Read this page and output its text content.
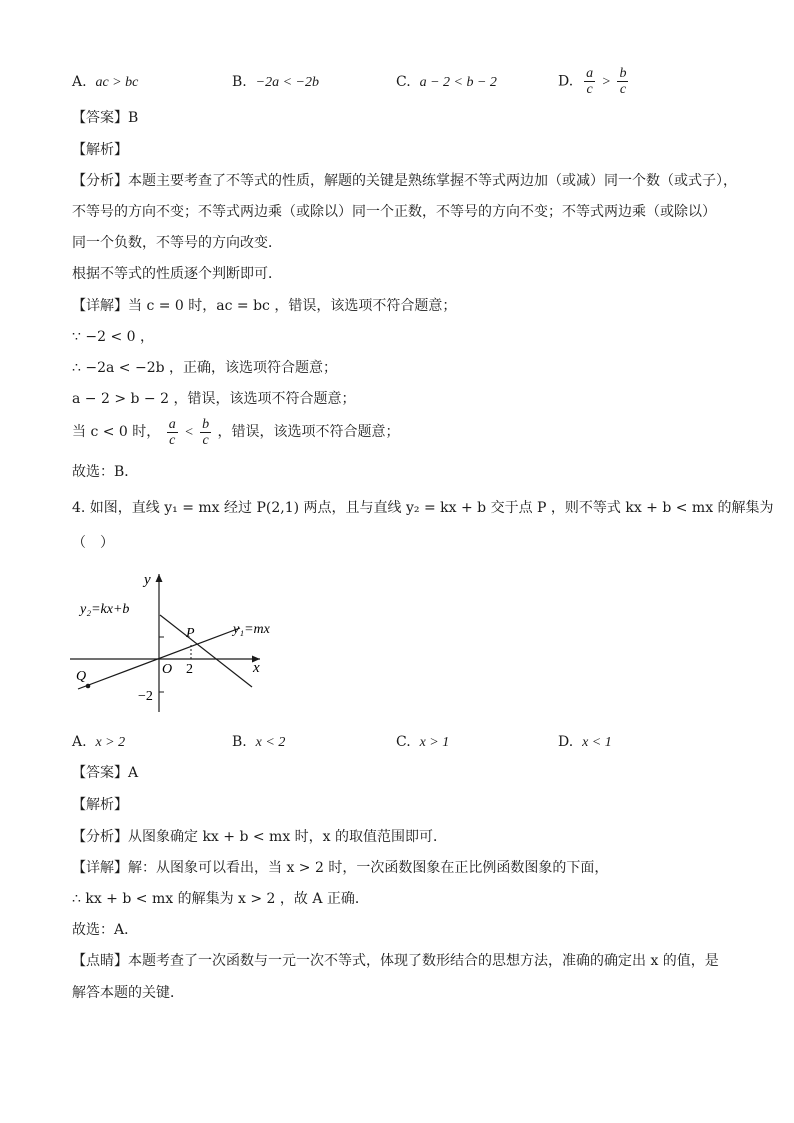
A. ac > bc	B. −2a < −2b	C. a − 2 < b − 2	D. $\frac{a}{c} > \frac{b}{c}$
【答案】B
【解析】
【分析】本题主要考查了不等式的性质，解题的关键是熟练掌握不等式两边加（或减）同一个数（或式子），
不等号的方向不变；不等式两边乘（或除以）同一个正数，不等号的方向不变；不等式两边乘（或除以）
同一个负数，不等号的方向改变．
根据不等式的性质逐个判断即可．
【详解】当 c = 0 时，ac = bc ，错误，该选项不符合题意；
∵ −2 < 0 ，
∴ −2a < −2b ，正确，该选项符合题意；
a − 2 > b − 2 ，错误，该选项不符合题意；
当 c < 0 时， $\frac{a}{c} < \frac{b}{c}$ ，错误，该选项不符合题意；
故选：B．
4. 如图，直线 y₁ = mx 经过 P(2,1) 两点，且与直线 y₂ = kx + b 交于点 P ，则不等式 kx + b < mx 的解集为
（　）
y
x
y₂=kx+b
y₁=mx
P
O 2
Q
−2
A. x > 2	B. x < 2	C. x > 1	D. x < 1
【答案】A
【解析】
【分析】从图象确定 kx + b < mx 时，x 的取值范围即可．
【详解】解：从图象可以看出，当 x > 2 时，一次函数图象在正比例函数图象的下面，
∴ kx + b < mx 的解集为 x > 2 ，故 A 正确．
故选：A．
【点睛】本题考查了一次函数与一元一次不等式，体现了数形结合的思想方法，准确的确定出 x 的值，是
解答本题的关键．
